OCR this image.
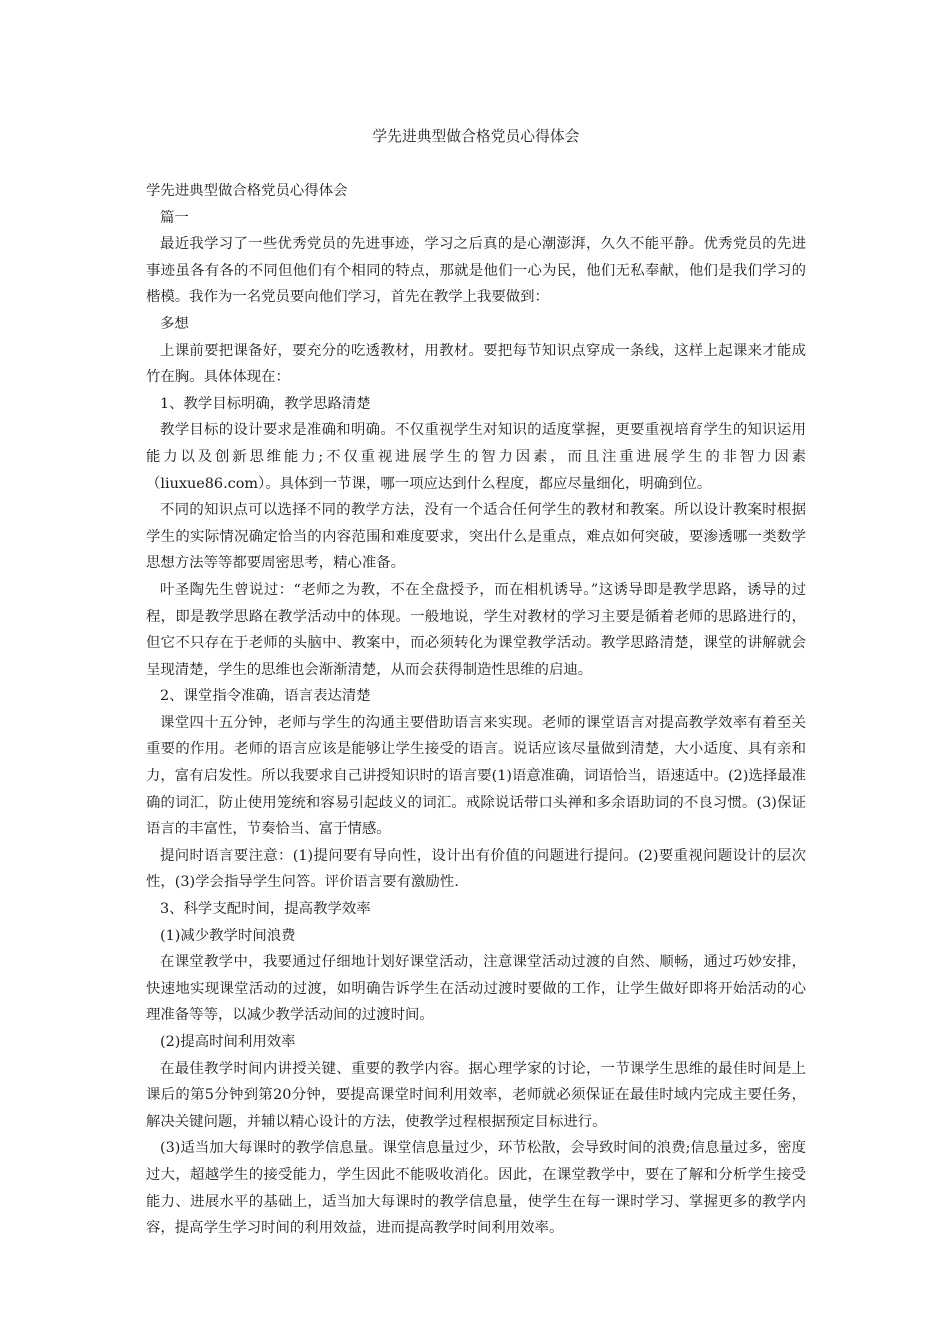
学先进典型做合格党员心得体会
学先进典型做合格党员心得体会
篇一
最近我学习了一些优秀党员的先进事迹，学习之后真的是心潮澎湃，久久不能平静。优秀党员的先进事迹虽各有各的不同但他们有个相同的特点，那就是他们一心为民，他们无私奉献，他们是我们学习的楷模。我作为一名党员要向他们学习，首先在教学上我要做到：
多想
上课前要把课备好，要充分的吃透教材，用教材。要把每节知识点穿成一条线，这样上起课来才能成竹在胸。具体体现在：
1、教学目标明确，教学思路清楚
教学目标的设计要求是准确和明确。不仅重视学生对知识的适度掌握，更要重视培育学生的知识运用能力以及创新思维能力;不仅重视进展学生的智力因素，而且注重进展学生的非智力因素（liuxue86.com）。具体到一节课，哪一项应达到什么程度，都应尽量细化，明确到位。
不同的知识点可以选择不同的教学方法，没有一个适合任何学生的教材和教案。所以设计教案时根据学生的实际情况确定恰当的内容范围和难度要求，突出什么是重点，难点如何突破，要渗透哪一类数学思想方法等等都要周密思考，精心准备。
叶圣陶先生曾说过：“老师之为教，不在全盘授予，而在相机诱导。”这诱导即是教学思路，诱导的过程，即是教学思路在教学活动中的体现。一般地说，学生对教材的学习主要是循着老师的思路进行的，但它不只存在于老师的头脑中、教案中，而必须转化为课堂教学活动。教学思路清楚，课堂的讲解就会呈现清楚，学生的思维也会渐渐清楚，从而会获得制造性思维的启迪。
2、课堂指令准确，语言表达清楚
课堂四十五分钟，老师与学生的沟通主要借助语言来实现。老师的课堂语言对提高教学效率有着至关重要的作用。老师的语言应该是能够让学生接受的语言。说话应该尽量做到清楚，大小适度、具有亲和力，富有启发性。所以我要求自己讲授知识时的语言要(1)语意准确，词语恰当，语速适中。(2)选择最准确的词汇，防止使用笼统和容易引起歧义的词汇。戒除说话带口头禅和多余语助词的不良习惯。(3)保证语言的丰富性，节奏恰当、富于情感。
提问时语言要注意：(1)提问要有导向性，设计出有价值的问题进行提问。(2)要重视问题设计的层次性，(3)学会指导学生问答。评价语言要有激励性.
3、科学支配时间，提高教学效率
(1)减少教学时间浪费
在课堂教学中，我要通过仔细地计划好课堂活动，注意课堂活动过渡的自然、顺畅，通过巧妙安排，快速地实现课堂活动的过渡，如明确告诉学生在活动过渡时要做的工作，让学生做好即将开始活动的心理准备等等，以减少教学活动间的过渡时间。
(2)提高时间利用效率
在最佳教学时间内讲授关键、重要的教学内容。据心理学家的讨论，一节课学生思维的最佳时间是上课后的第5分钟到第20分钟，要提高课堂时间利用效率，老师就必须保证在最佳时域内完成主要任务，解决关键问题，并辅以精心设计的方法，使教学过程根据预定目标进行。
(3)适当加大每课时的教学信息量。课堂信息量过少，环节松散，会导致时间的浪费;信息量过多，密度过大，超越学生的接受能力，学生因此不能吸收消化。因此，在课堂教学中，要在了解和分析学生接受能力、进展水平的基础上，适当加大每课时的教学信息量，使学生在每一课时学习、掌握更多的教学内容，提高学生学习时间的利用效益，进而提高教学时间利用效率。
